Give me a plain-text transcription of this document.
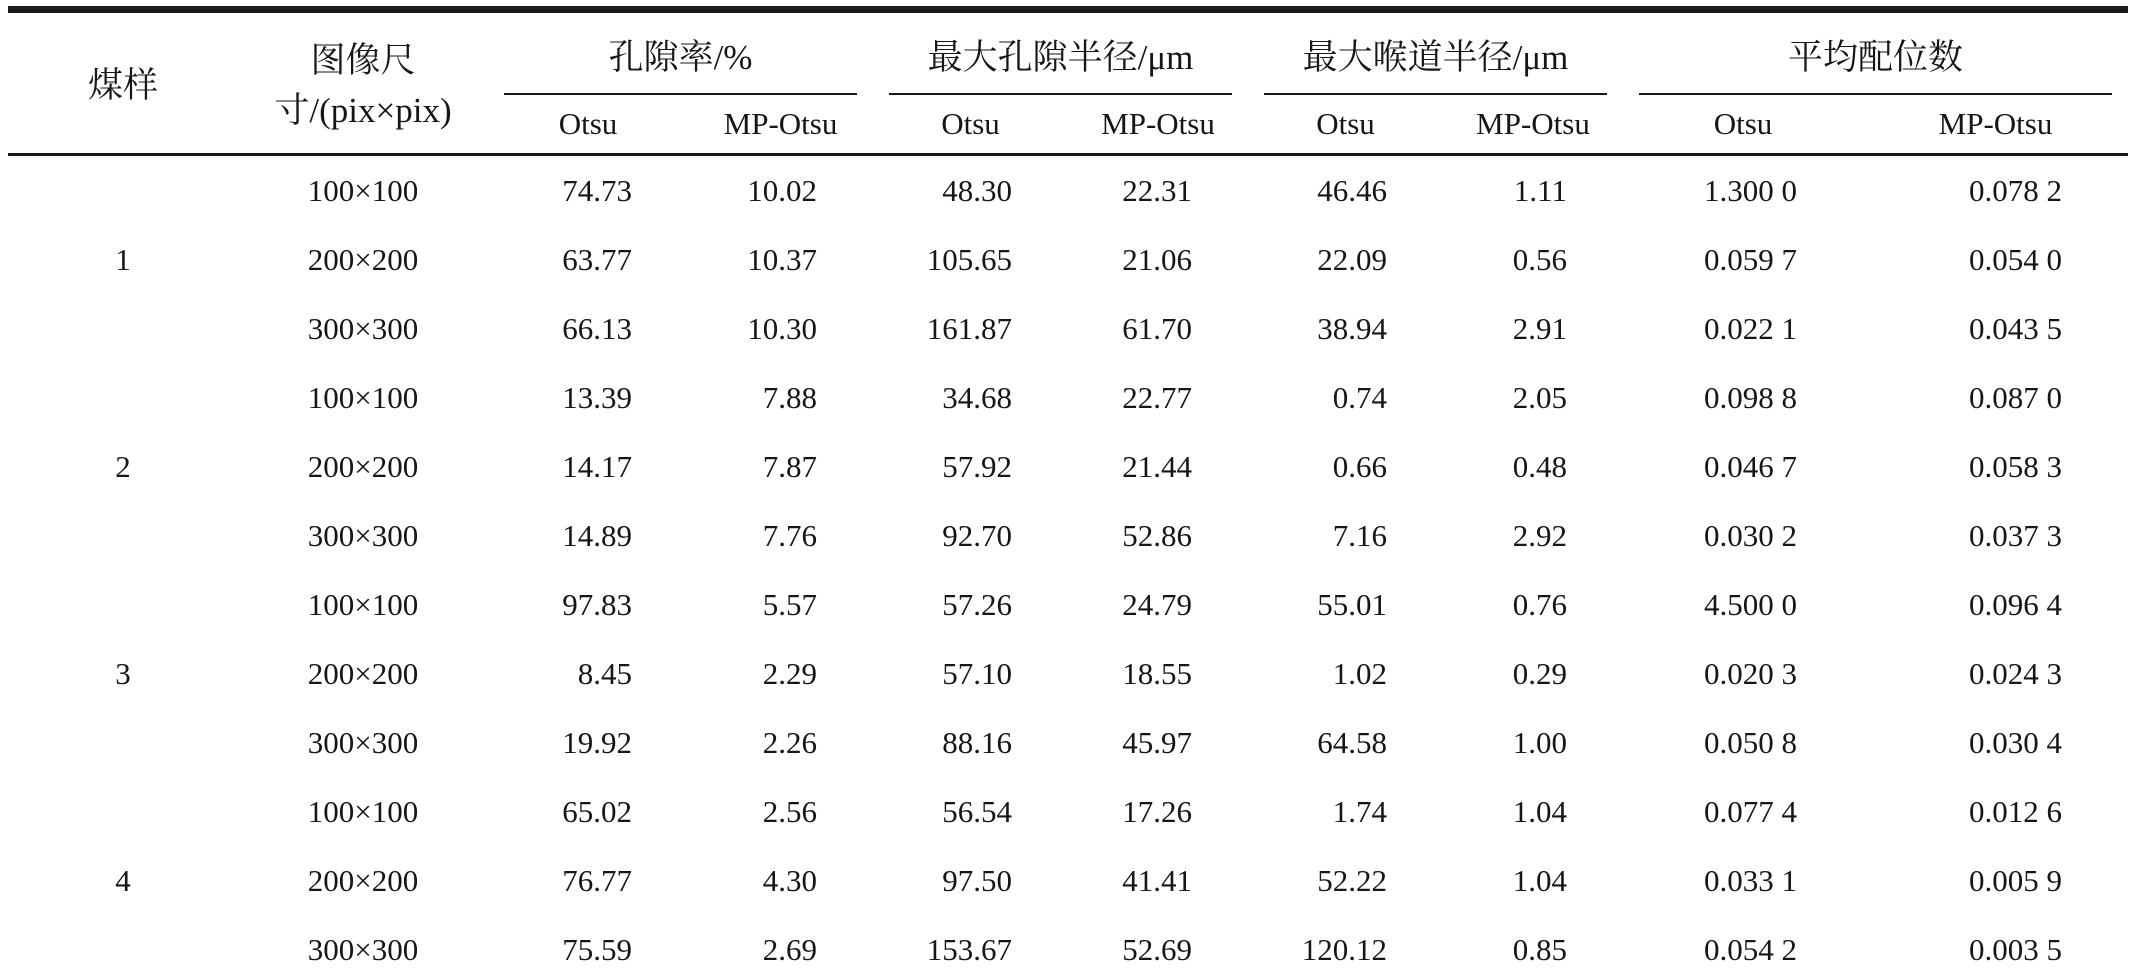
煤样	图像尺寸/(pix×pix)	孔隙率/%		最大孔隙半径/μm		最大喉道半径/μm		平均配位数	

		Otsu	MP-Otsu	Otsu	MP-Otsu	Otsu	MP-Otsu	Otsu	MP-Otsu
1	100×100	74.73	10.02	48.30	22.31	46.46	1.11	1.300 0	0.078 2
	200×200	63.77	10.37	105.65	21.06	22.09	0.56	0.059 7	0.054 0
	300×300	66.13	10.30	161.87	61.70	38.94	2.91	0.022 1	0.043 5
2	100×100	13.39	7.88	34.68	22.77	0.74	2.05	0.098 8	0.087 0
	200×200	14.17	7.87	57.92	21.44	0.66	0.48	0.046 7	0.058 3
	300×300	14.89	7.76	92.70	52.86	7.16	2.92	0.030 2	0.037 3
3	100×100	97.83	5.57	57.26	24.79	55.01	0.76	4.500 0	0.096 4
	200×200	8.45	2.29	57.10	18.55	1.02	0.29	0.020 3	0.024 3
	300×300	19.92	2.26	88.16	45.97	64.58	1.00	0.050 8	0.030 4
4	100×100	65.02	2.56	56.54	17.26	1.74	1.04	0.077 4	0.012 6
	200×200	76.77	4.30	97.50	41.41	52.22	1.04	0.033 1	0.005 9
	300×300	75.59	2.69	153.67	52.69	120.12	0.85	0.054 2	0.003 5
